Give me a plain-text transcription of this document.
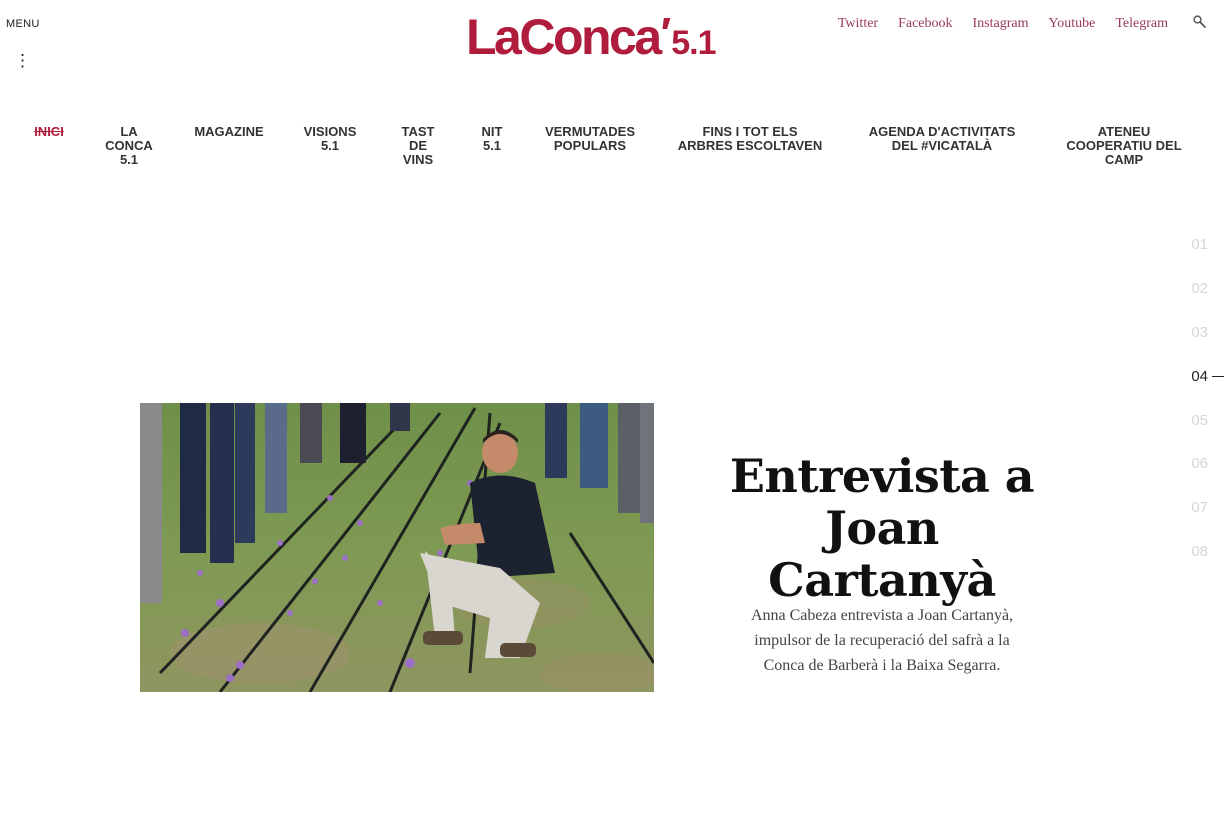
MENU
⋮	LaConca ′ 5.1
Twitter Facebook Instagram Youtube Telegram
INICI	LA
CONCA
5.1
MAGAZINE	VISIONS
5.1
TAST
DE
VINS
NIT
5.1
VERMUTADES
POPULARS
FINS I TOT ELS
ARBRES ESCOLTAVEN
AGENDA D'ACTIVITATS
DEL #VICATALÀ
ATENEU
COOPERATIU DEL
CAMP
01
02
03
04
05
06
07
08
Entrevista a Joan Cartanyà

Anna Cabeza entrevista a Joan Cartanyà, impulsor de la recuperació del safrà a la Conca de Barberà i la Baixa Segarra.
